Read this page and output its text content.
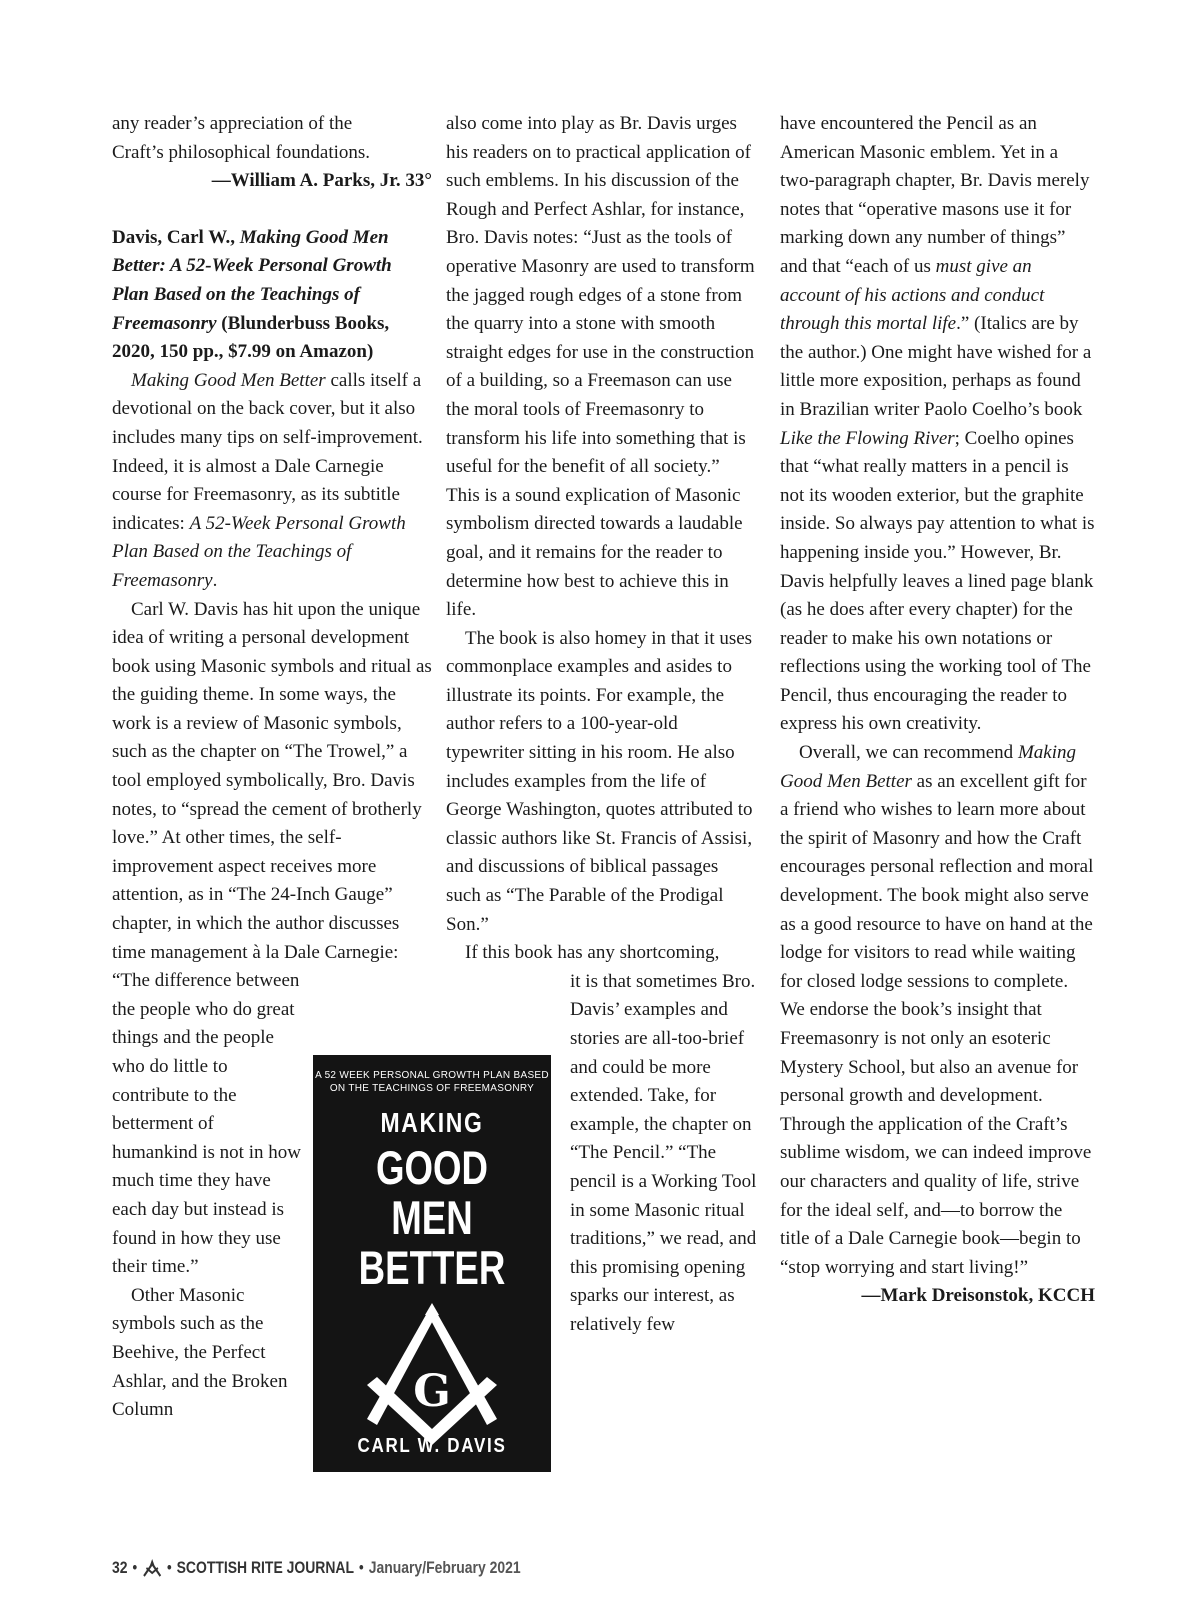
any reader’s appreciation of the

Craft’s philosophical foundations.

—William A. Parks, Jr. 33°

Davis, Carl W., Making Good Men Better: A 52-Week Personal Growth Plan Based on the Teachings of Freemasonry (Blunderbuss Books, 2020, 150 pp., $7.99 on Amazon)

Making Good Men Better calls itself a devotional on the back cover, but it also includes many tips on self-improvement. Indeed, it is almost a Dale Carnegie course for Freemasonry, as its subtitle indicates: A 52-Week Personal Growth Plan Based on the Teachings of Freemasonry.

Carl W. Davis has hit upon the unique idea of writing a personal development book using Masonic symbols and ritual as the guiding theme. In some ways, the work is a review of Masonic symbols, such as the chapter on “The Trowel,” a tool employed symbolically, Bro. Davis notes, to “spread the cement of brotherly love.” At other times, the self-improvement aspect receives more attention, as in “The 24-Inch Gauge” chapter, in which the author discusses time management à la Dale Carnegie: “The difference between

the people who do great things and the people who do little to contribute to the betterment of humankind is not in how much time they have each day but instead is found in how they use their time.”

Other Masonic symbols such as the Beehive, the Perfect Ashlar, and the Broken Column

also come into play as Br. Davis urges his readers on to practical application of such emblems. In his discussion of the Rough and Perfect Ashlar, for instance, Bro. Davis notes: “Just as the tools of operative Masonry are used to transform the jagged rough edges of a stone from the quarry into a stone with smooth straight edges for use in the construction of a building, so a Freemason can use the moral tools of Freemasonry to transform his life into something that is useful for the benefit of all society.” This is a sound explication of Masonic symbolism directed towards a laudable goal, and it remains for the reader to determine how best to achieve this in life.

The book is also homey in that it uses commonplace examples and asides to illustrate its points. For example, the author refers to a 100-year-old typewriter sitting in his room. He also includes examples from the life of George Washington, quotes attributed to classic authors like St. Francis of Assisi, and discussions of biblical passages such as “The Parable of the Prodigal Son.”

If this book has any shortcoming,

it is that sometimes Bro. Davis’ examples and stories are all-too-brief and could be more extended. Take, for example, the chapter on “The Pencil.” “The pencil is a Working Tool in some Masonic ritual traditions,” we read, and this promising opening sparks our interest, as relatively few

have encountered the Pencil as an American Masonic emblem. Yet in a two-paragraph chapter, Br. Davis merely notes that “operative masons use it for marking down any number of things” and that “each of us must give an account of his actions and conduct through this mortal life.” (Italics are by the author.) One might have wished for a little more exposition, perhaps as found in Brazilian writer Paolo Coelho’s book Like the Flowing River; Coelho opines that “what really matters in a pencil is not its wooden exterior, but the graphite inside. So always pay attention to what is happening inside you.” However, Br. Davis helpfully leaves a lined page blank (as he does after every chapter) for the reader to make his own notations or reflections using the working tool of The Pencil, thus encouraging the reader to express his own creativity.

Overall, we can recommend Making Good Men Better as an excellent gift for a friend who wishes to learn more about the spirit of Masonry and how the Craft encourages personal reflection and moral development. The book might also serve as a good resource to have on hand at the lodge for visitors to read while waiting for closed lodge sessions to complete. We endorse the book’s insight that Freemasonry is not only an esoteric Mystery School, but also an avenue for personal growth and development. Through the application of the Craft’s sublime wisdom, we can indeed improve our characters and quality of life, strive for the ideal self, and—to borrow the title of a Dale Carnegie book—begin to “stop worrying and start living!”

—Mark Dreisonstok, KCCH

A 52 WEEK PERSONAL GROWTH PLAN BASED
ON THE TEACHINGS OF FREEMASONRY
MAKING
GOOD MEN
BETTER
G
CARL W. DAVIS
32 • • SCOTTISH RITE JOURNAL • January/February 2021
